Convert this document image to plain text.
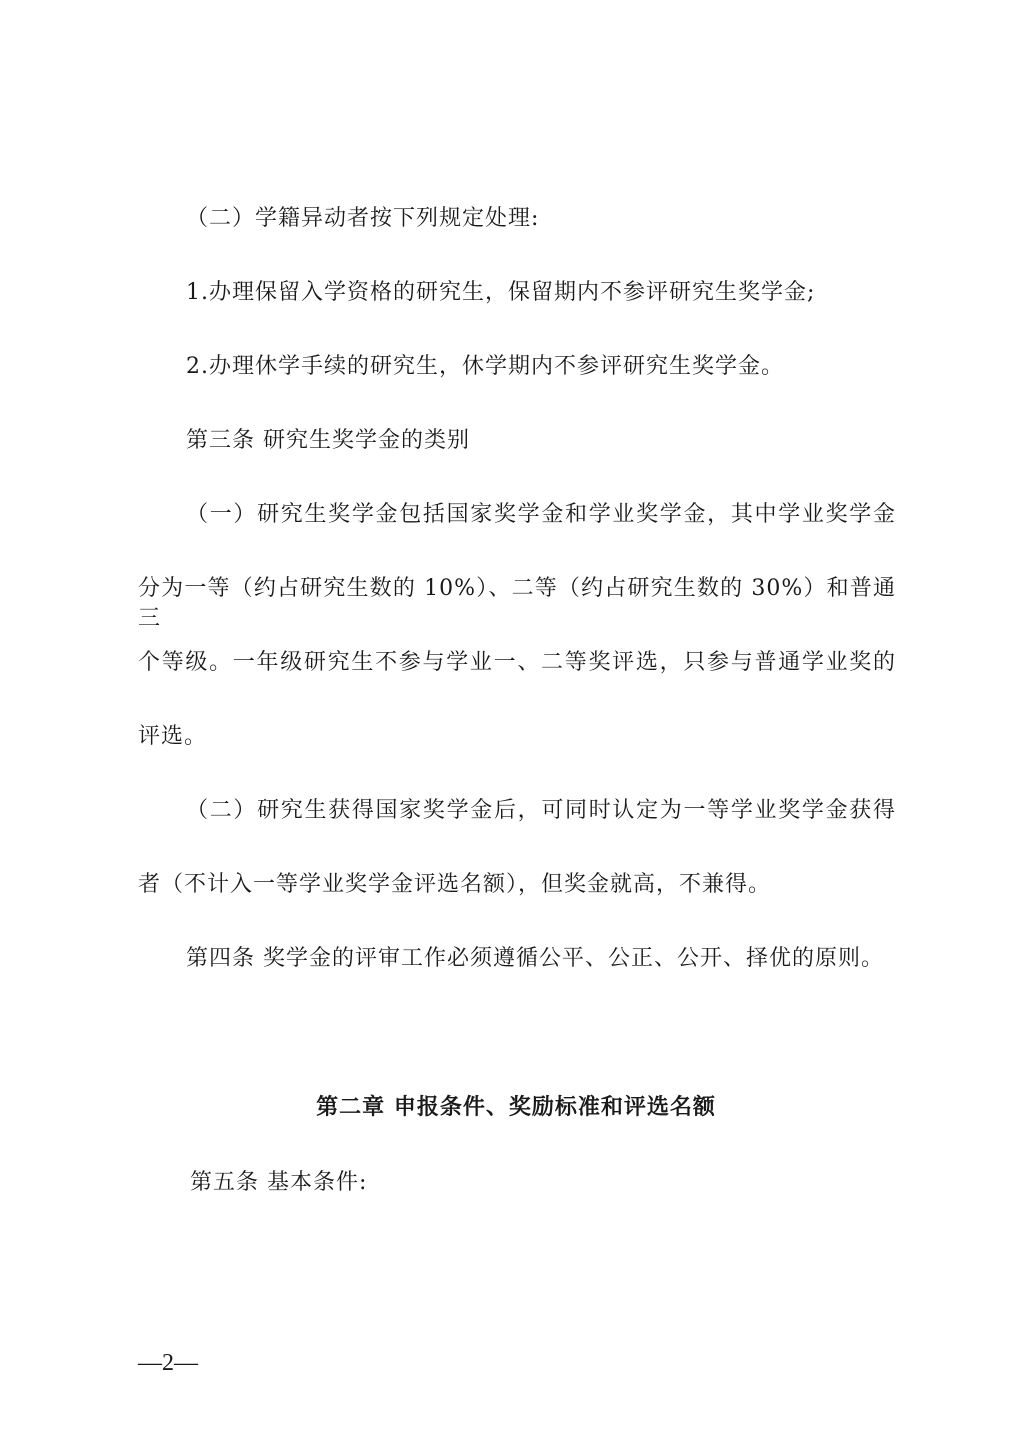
（二）学籍异动者按下列规定处理:
1.办理保留入学资格的研究生，保留期内不参评研究生奖学金;
2.办理休学手续的研究生，休学期内不参评研究生奖学金。
第三条 研究生奖学金的类别
（一）研究生奖学金包括国家奖学金和学业奖学金，其中学业奖学金
分为一等（约占研究生数的 10%）、二等（约占研究生数的 30%）和普通三
个等级。一年级研究生不参与学业一、二等奖评选，只参与普通学业奖的
评选。
（二）研究生获得国家奖学金后，可同时认定为一等学业奖学金获得
者（不计入一等学业奖学金评选名额），但奖金就高，不兼得。
第四条 奖学金的评审工作必须遵循公平、公正、公开、择优的原则。
第二章 申报条件、奖励标准和评选名额
第五条 基本条件:
—2—
